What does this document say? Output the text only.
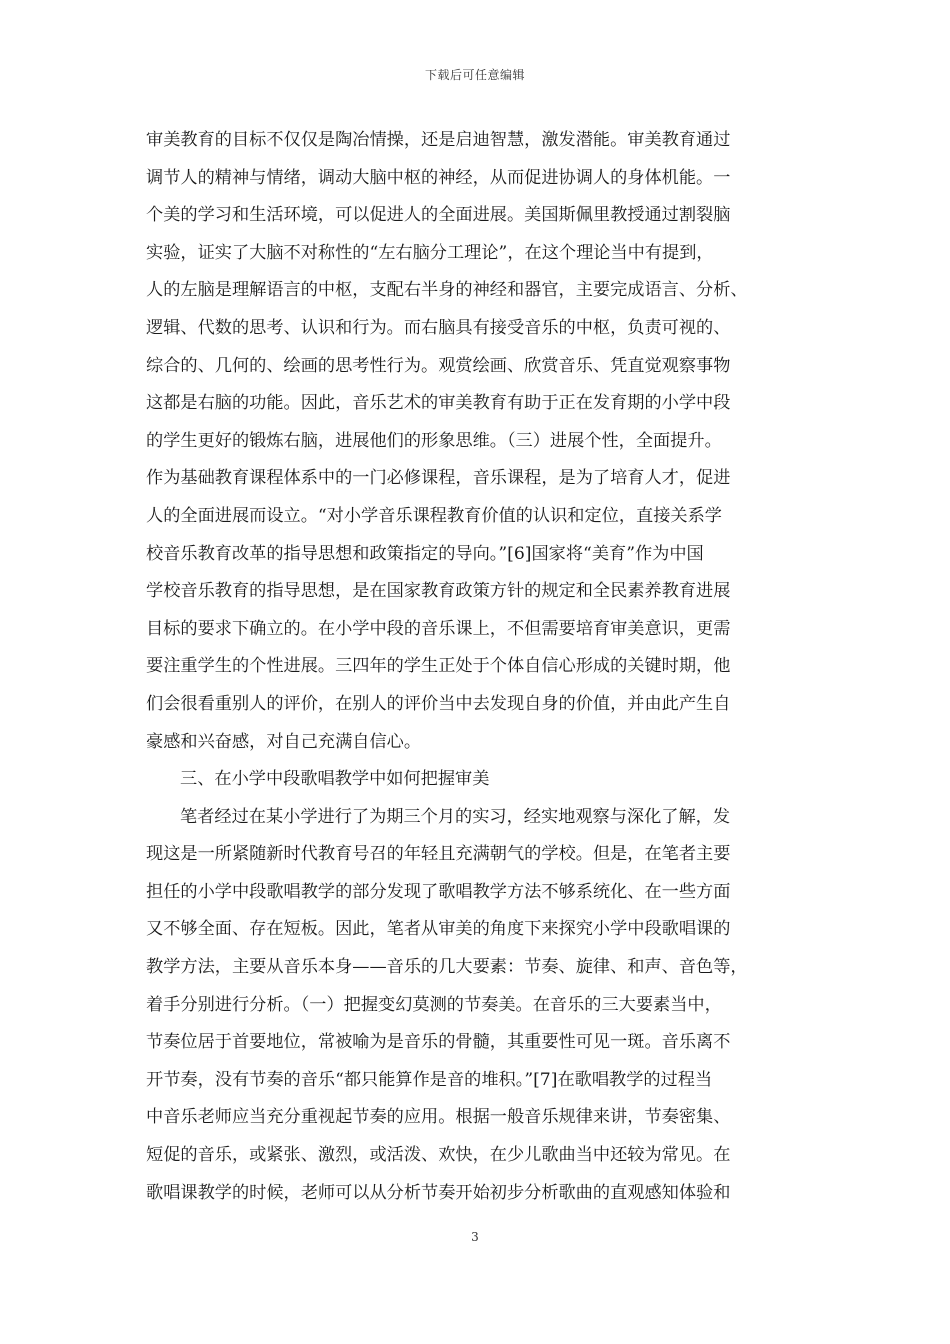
下载后可任意编辑
审美教育的目标不仅仅是陶冶情操，还是启迪智慧，激发潜能。审美教育通过
调节人的精神与情绪，调动大脑中枢的神经，从而促进协调人的身体机能。一
个美的学习和生活环境，可以促进人的全面进展。美国斯佩里教授通过割裂脑
实验，证实了大脑不对称性的“左右脑分工理论”，在这个理论当中有提到，
人的左脑是理解语言的中枢，支配右半身的神经和器官，主要完成语言、分析、
逻辑、代数的思考、认识和行为。而右脑具有接受音乐的中枢，负责可视的、
综合的、几何的、绘画的思考性行为。观赏绘画、欣赏音乐、凭直觉观察事物
这都是右脑的功能。因此，音乐艺术的审美教育有助于正在发育期的小学中段
的学生更好的锻炼右脑，进展他们的形象思维。（三）进展个性，全面提升。
作为基础教育课程体系中的一门必修课程，音乐课程，是为了培育人才，促进
人的全面进展而设立。“对小学音乐课程教育价值的认识和定位，直接关系学
校音乐教育改革的指导思想和政策指定的导向。”[6]国家将“美育”作为中国
学校音乐教育的指导思想，是在国家教育政策方针的规定和全民素养教育进展
目标的要求下确立的。在小学中段的音乐课上，不但需要培育审美意识，更需
要注重学生的个性进展。三四年的学生正处于个体自信心形成的关键时期，他
们会很看重别人的评价，在别人的评价当中去发现自身的价值，并由此产生自
豪感和兴奋感，对自己充满自信心。
三、在小学中段歌唱教学中如何把握审美
笔者经过在某小学进行了为期三个月的实习，经实地观察与深化了解，发
现这是一所紧随新时代教育号召的年轻且充满朝气的学校。但是，在笔者主要
担任的小学中段歌唱教学的部分发现了歌唱教学方法不够系统化、在一些方面
又不够全面、存在短板。因此，笔者从审美的角度下来探究小学中段歌唱课的
教学方法，主要从音乐本身——音乐的几大要素：节奏、旋律、和声、音色等，
着手分别进行分析。（一）把握变幻莫测的节奏美。在音乐的三大要素当中，
节奏位居于首要地位，常被喻为是音乐的骨髓，其重要性可见一斑。音乐离不
开节奏，没有节奏的音乐“都只能算作是音的堆积。”[7]在歌唱教学的过程当
中音乐老师应当充分重视起节奏的应用。根据一般音乐规律来讲，节奏密集、
短促的音乐，或紧张、激烈，或活泼、欢快，在少儿歌曲当中还较为常见。在
歌唱课教学的时候，老师可以从分析节奏开始初步分析歌曲的直观感知体验和
3
